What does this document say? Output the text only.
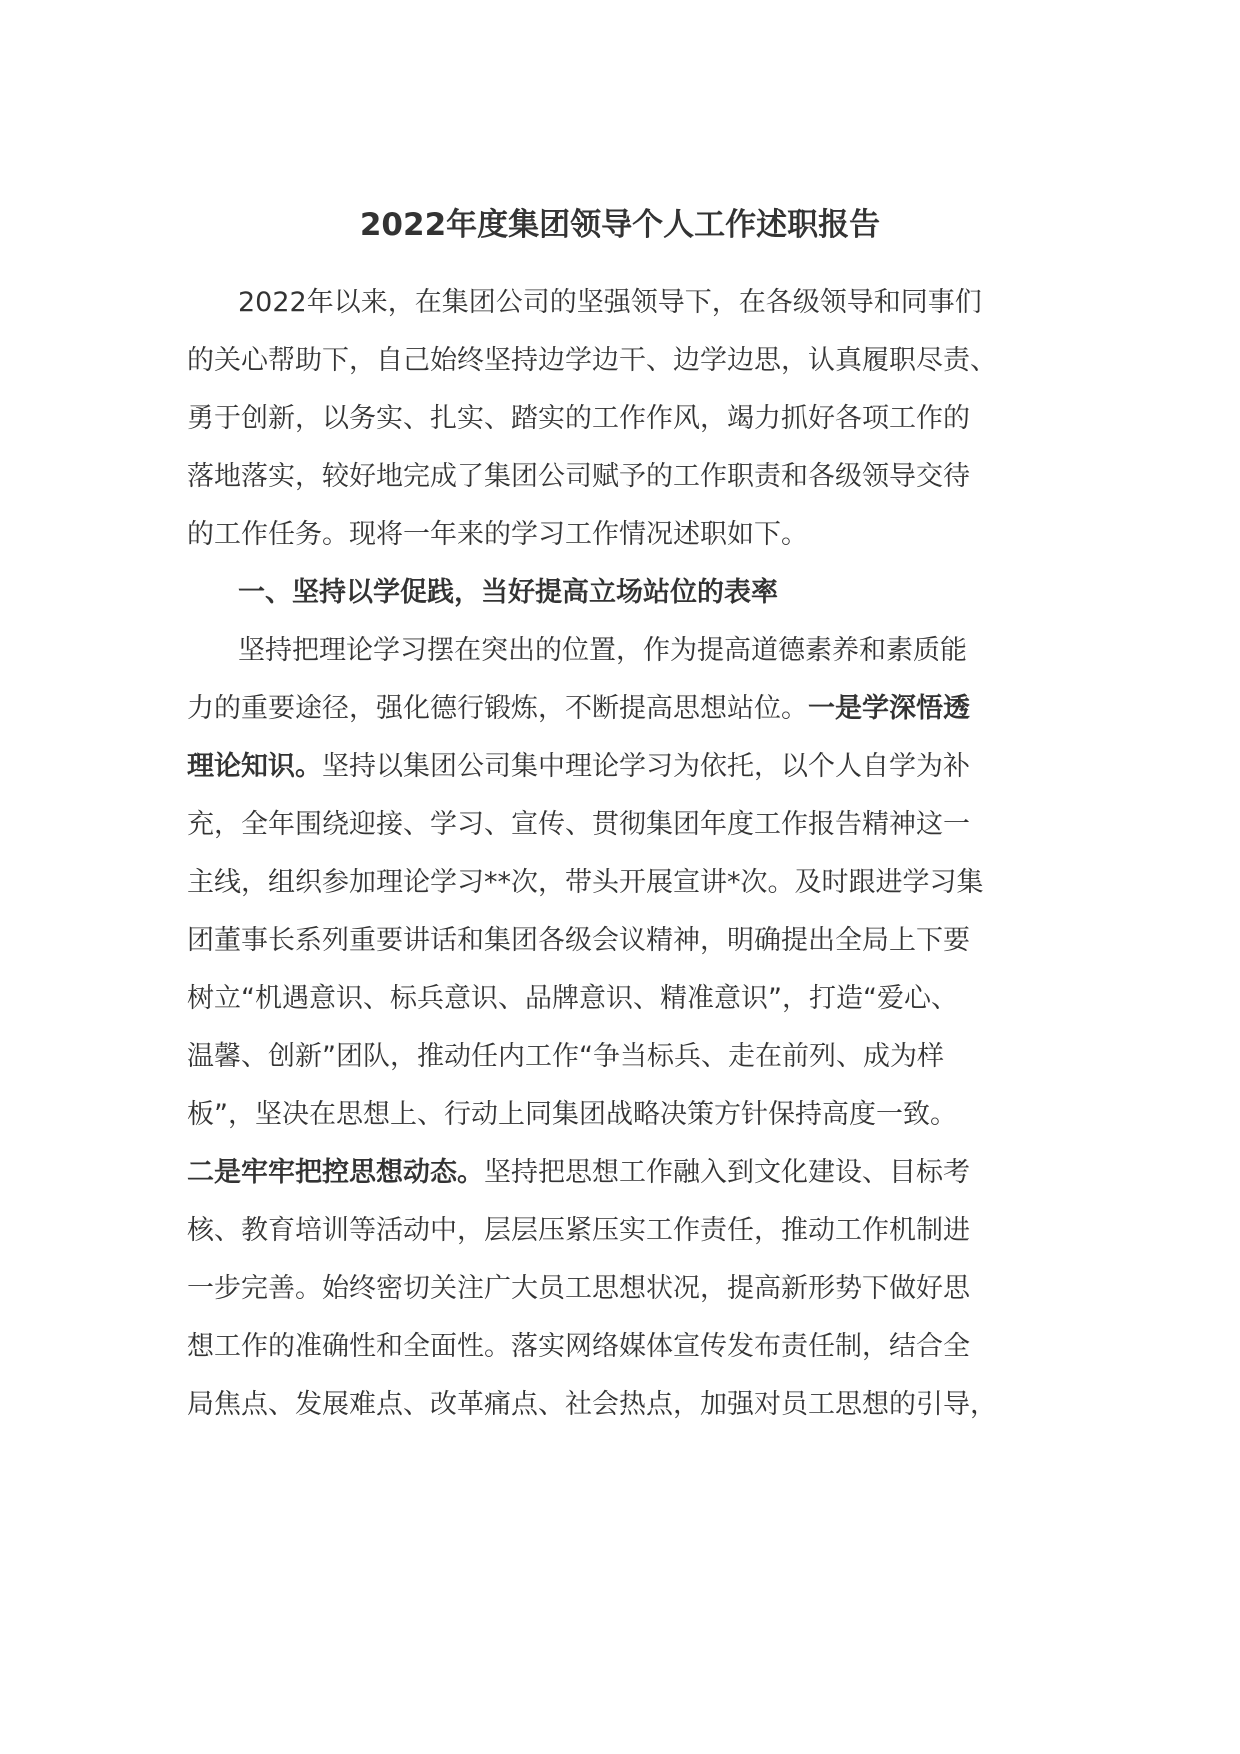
2022年度集团领导个人工作述职报告
2022年以来，在集团公司的坚强领导下，在各级领导和同事们
的关心帮助下，自己始终坚持边学边干、边学边思，认真履职尽责、
勇于创新，以务实、扎实、踏实的工作作风，竭力抓好各项工作的
落地落实，较好地完成了集团公司赋予的工作职责和各级领导交待
的工作任务。现将一年来的学习工作情况述职如下。
一、坚持以学促践，当好提高立场站位的表率
坚持把理论学习摆在突出的位置，作为提高道德素养和素质能
力的重要途径，强化德行锻炼，不断提高思想站位。一是学深悟透
理论知识。坚持以集团公司集中理论学习为依托，以个人自学为补
充，全年围绕迎接、学习、宣传、贯彻集团年度工作报告精神这一
主线，组织参加理论学习**次，带头开展宣讲*次。及时跟进学习集
团董事长系列重要讲话和集团各级会议精神，明确提出全局上下要
树立“机遇意识、标兵意识、品牌意识、精准意识”，打造“爱心、
温馨、创新”团队，推动任内工作“争当标兵、走在前列、成为样
板”，坚决在思想上、行动上同集团战略决策方针保持高度一致。
二是牢牢把控思想动态。坚持把思想工作融入到文化建设、目标考
核、教育培训等活动中，层层压紧压实工作责任，推动工作机制进
一步完善。始终密切关注广大员工思想状况，提高新形势下做好思
想工作的准确性和全面性。落实网络媒体宣传发布责任制，结合全
局焦点、发展难点、改革痛点、社会热点，加强对员工思想的引导，
